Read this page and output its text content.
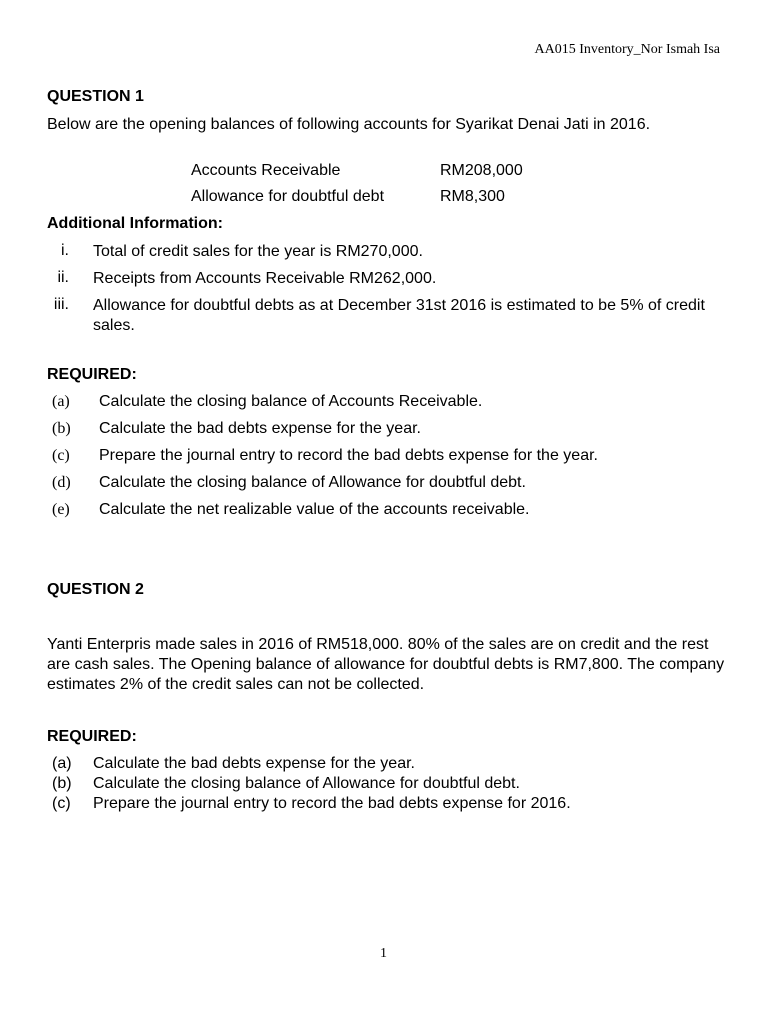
AA015 Inventory_Nor Ismah Isa
QUESTION 1
Below are the opening balances of following accounts for Syarikat Denai Jati in 2016.
Accounts Receivable	RM208,000
Allowance for doubtful debt	RM8,300
Additional Information:
i. Total of credit sales for the year is RM270,000.
ii. Receipts from Accounts Receivable RM262,000.
iii. Allowance for doubtful debts as at December 31st 2016 is estimated to be 5% of credit sales.
REQUIRED:
(a) Calculate the closing balance of Accounts Receivable.
(b) Calculate the bad debts expense for the year.
(c) Prepare the journal entry to record the bad debts expense for the year.
(d) Calculate the closing balance of Allowance for doubtful debt.
(e) Calculate the net realizable value of the accounts receivable.
QUESTION 2
Yanti Enterpris made sales in 2016 of RM518,000. 80% of the sales are on credit and the rest are cash sales. The Opening balance of allowance for doubtful debts is RM7,800. The company estimates 2% of the credit sales can not be collected.
REQUIRED:
(a) Calculate the bad debts expense for the year.
(b) Calculate the closing balance of Allowance for doubtful debt.
(c) Prepare the journal entry to record the bad debts expense for 2016.
1
